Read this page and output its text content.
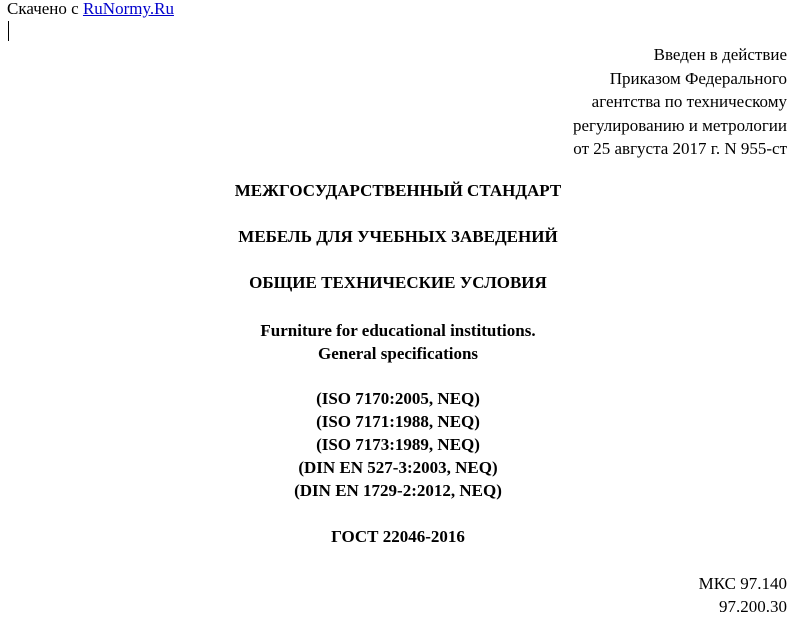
Скачено с RuNormy.Ru
Введен в действие
Приказом Федерального
агентства по техническому
регулированию и метрологии
от 25 августа 2017 г. N 955-ст
МЕЖГОСУДАРСТВЕННЫЙ СТАНДАРТ
МЕБЕЛЬ ДЛЯ УЧЕБНЫХ ЗАВЕДЕНИЙ
ОБЩИЕ ТЕХНИЧЕСКИЕ УСЛОВИЯ
Furniture for educational institutions.
General specifications
(ISO 7170:2005, NEQ)
(ISO 7171:1988, NEQ)
(ISO 7173:1989, NEQ)
(DIN EN 527-3:2003, NEQ)
(DIN EN 1729-2:2012, NEQ)
ГОСТ 22046-2016
МКС 97.140
97.200.30
